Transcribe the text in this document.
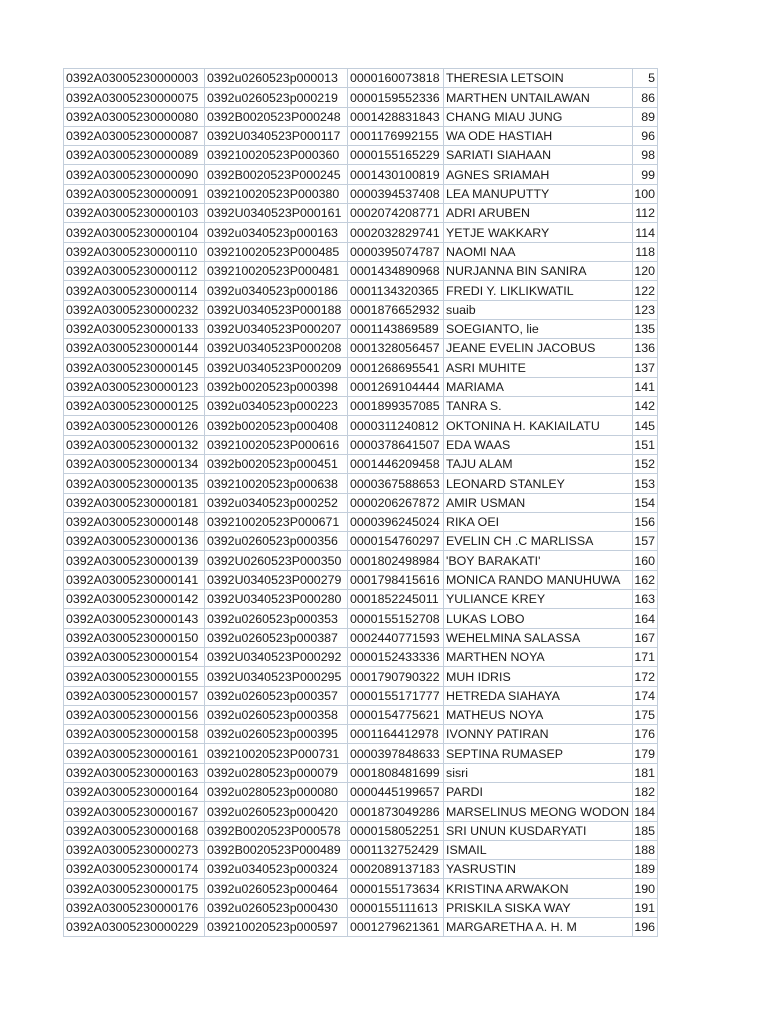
0392A03005230000003	0392u0260523p000013	0000160073818	THERESIA LETSOIN	5
0392A03005230000075	0392u0260523p000219	0000159552336	MARTHEN UNTAILAWAN	86
0392A03005230000080	0392B0020523P000248	0001428831843	CHANG MIAU JUNG	89
0392A03005230000087	0392U0340523P000117	0001176992155	WA ODE HASTIAH	96
0392A03005230000089	039210020523P000360	0000155165229	SARIATI SIAHAAN	98
0392A03005230000090	0392B0020523P000245	0001430100819	AGNES SRIAMAH	99
0392A03005230000091	039210020523P000380	0000394537408	LEA MANUPUTTY	100
0392A03005230000103	0392U0340523P000161	0002074208771	ADRI ARUBEN	112
0392A03005230000104	0392u0340523p000163	0002032829741	YETJE WAKKARY	114
0392A03005230000110	039210020523P000485	0000395074787	NAOMI NAA	118
0392A03005230000112	039210020523P000481	0001434890968	NURJANNA BIN SANIRA	120
0392A03005230000114	0392u0340523p000186	0001134320365	FREDI Y. LIKLIKWATIL	122
0392A03005230000232	0392U0340523P000188	0001876652932	suaib	123
0392A03005230000133	0392U0340523P000207	0001143869589	SOEGIANTO, lie	135
0392A03005230000144	0392U0340523P000208	0001328056457	JEANE EVELIN JACOBUS	136
0392A03005230000145	0392U0340523P000209	0001268695541	ASRI MUHITE	137
0392A03005230000123	0392b0020523p000398	0001269104444	MARIAMA	141
0392A03005230000125	0392u0340523p000223	0001899357085	TANRA S.	142
0392A03005230000126	0392b0020523p000408	0000311240812	OKTONINA H. KAKIAILATU	145
0392A03005230000132	039210020523P000616	0000378641507	EDA WAAS	151
0392A03005230000134	0392b0020523p000451	0001446209458	TAJU ALAM	152
0392A03005230000135	039210020523p000638	0000367588653	LEONARD STANLEY	153
0392A03005230000181	0392u0340523p000252	0000206267872	AMIR USMAN	154
0392A03005230000148	039210020523P000671	0000396245024	RIKA OEI	156
0392A03005230000136	0392u0260523p000356	0000154760297	EVELIN CH .C MARLISSA	157
0392A03005230000139	0392U0260523P000350	0001802498984	'BOY BARAKATI'	160
0392A03005230000141	0392U0340523P000279	0001798415616	MONICA RANDO MANUHUWA	162
0392A03005230000142	0392U0340523P000280	0001852245011	YULIANCE KREY	163
0392A03005230000143	0392u0260523p000353	0000155152708	LUKAS LOBO	164
0392A03005230000150	0392u0260523p000387	0002440771593	WEHELMINA SALASSA	167
0392A03005230000154	0392U0340523P000292	0000152433336	MARTHEN NOYA	171
0392A03005230000155	0392U0340523P000295	0001790790322	MUH IDRIS	172
0392A03005230000157	0392u0260523p000357	0000155171777	HETREDA SIAHAYA	174
0392A03005230000156	0392u0260523p000358	0000154775621	MATHEUS NOYA	175
0392A03005230000158	0392u0260523p000395	0001164412978	IVONNY PATIRAN	176
0392A03005230000161	039210020523P000731	0000397848633	SEPTINA RUMASEP	179
0392A03005230000163	0392u0280523p000079	0001808481699	sisri	181
0392A03005230000164	0392u0280523p000080	0000445199657	PARDI	182
0392A03005230000167	0392u0260523p000420	0001873049286	MARSELINUS MEONG WODON	184
0392A03005230000168	0392B0020523P000578	0000158052251	SRI UNUN KUSDARYATI	185
0392A03005230000273	0392B0020523P000489	0001132752429	ISMAIL	188
0392A03005230000174	0392u0340523p000324	0002089137183	YASRUSTIN	189
0392A03005230000175	0392u0260523p000464	0000155173634	KRISTINA ARWAKON	190
0392A03005230000176	0392u0260523p000430	0000155111613	PRISKILA SISKA WAY	191
0392A03005230000229	039210020523p000597	0001279621361	MARGARETHA A. H. M	196
